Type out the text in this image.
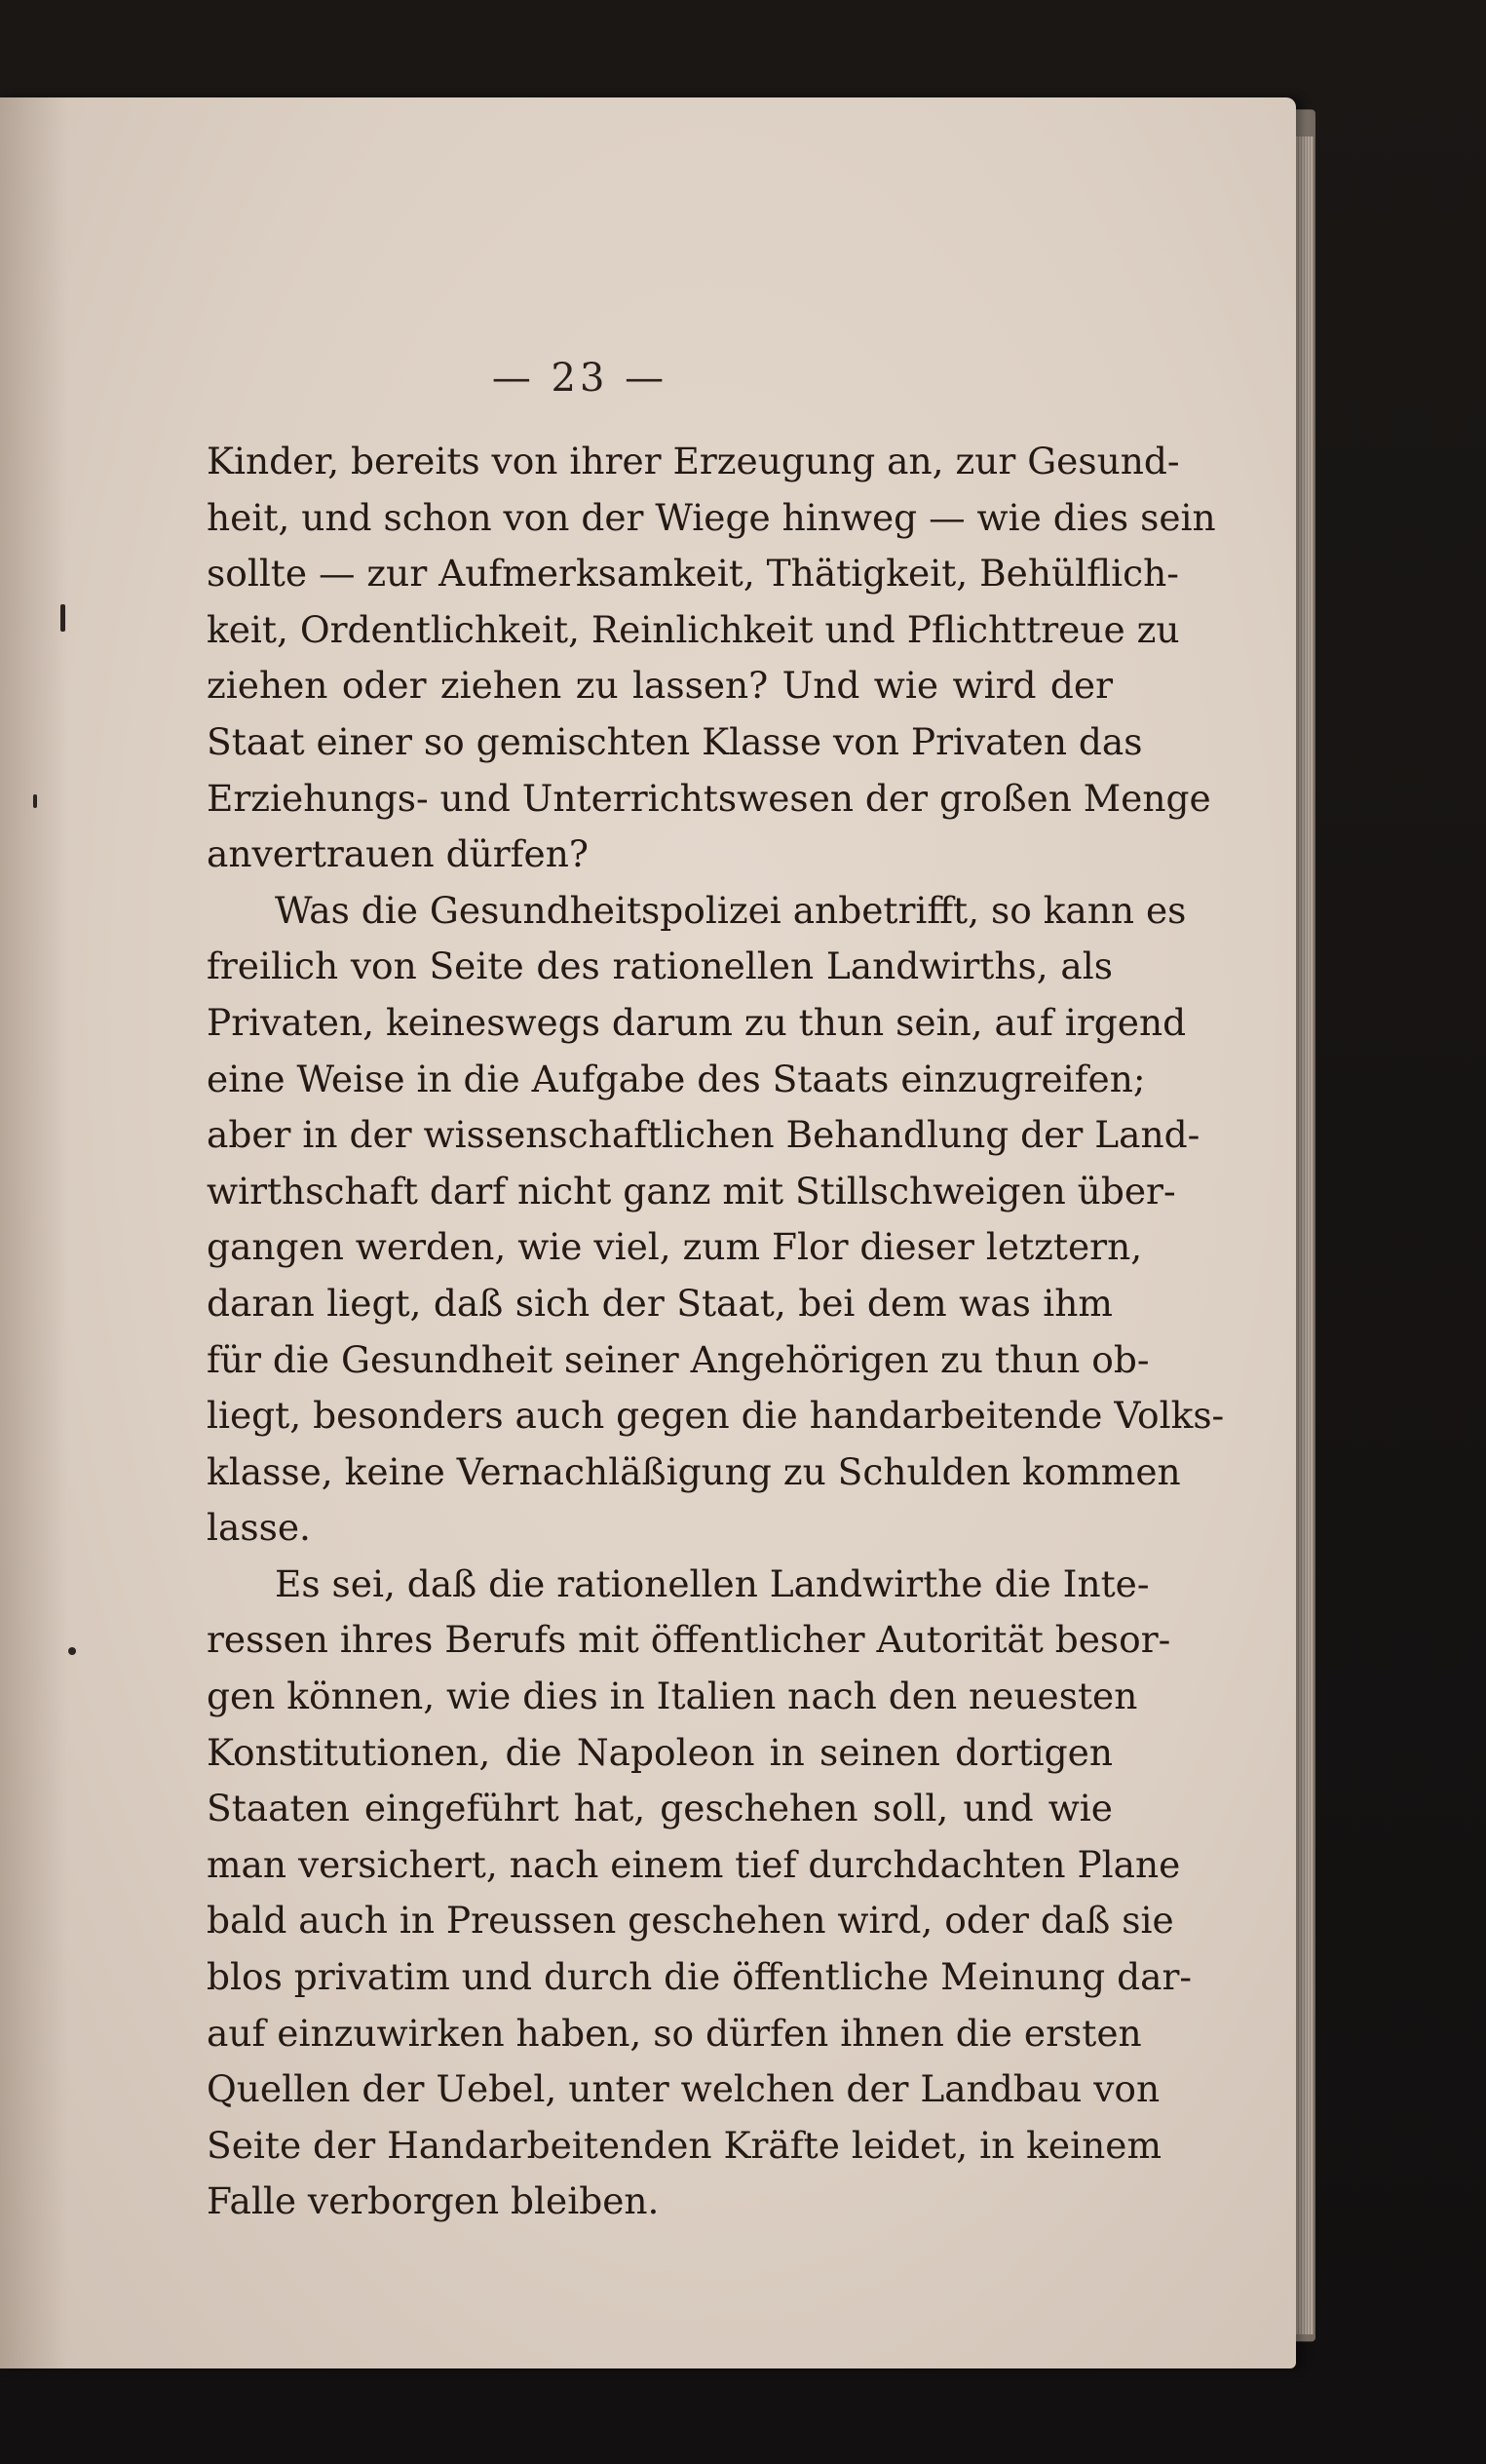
— 23 —
Kinder, bereits von ihrer Erzeugung an, zur Gesund-
heit, und schon von der Wiege hinweg — wie dies sein
sollte — zur Aufmerksamkeit, Thätigkeit, Behülflich-
keit, Ordentlichkeit, Reinlichkeit und Pflichttreue zu
ziehen oder ziehen zu lassen? Und wie wird der
Staat einer so gemischten Klasse von Privaten das
Erziehungs- und Unterrichtswesen der großen Menge
anvertrauen dürfen?
Was die Gesundheitspolizei anbetrifft, so kann es
freilich von Seite des rationellen Landwirths, als
Privaten, keineswegs darum zu thun sein, auf irgend
eine Weise in die Aufgabe des Staats einzugreifen;
aber in der wissenschaftlichen Behandlung der Land-
wirthschaft darf nicht ganz mit Stillschweigen über-
gangen werden, wie viel, zum Flor dieser letztern,
daran liegt, daß sich der Staat, bei dem was ihm
für die Gesundheit seiner Angehörigen zu thun ob-
liegt, besonders auch gegen die handarbeitende Volks-
klasse, keine Vernachläßigung zu Schulden kommen
lasse.
Es sei, daß die rationellen Landwirthe die Inte-
ressen ihres Berufs mit öffentlicher Autorität besor-
gen können, wie dies in Italien nach den neuesten
Konstitutionen, die Napoleon in seinen dortigen
Staaten eingeführt hat, geschehen soll, und wie
man versichert, nach einem tief durchdachten Plane
bald auch in Preussen geschehen wird, oder daß sie
blos privatim und durch die öffentliche Meinung dar-
auf einzuwirken haben, so dürfen ihnen die ersten
Quellen der Uebel, unter welchen der Landbau von
Seite der Handarbeitenden Kräfte leidet, in keinem
Falle verborgen bleiben.
